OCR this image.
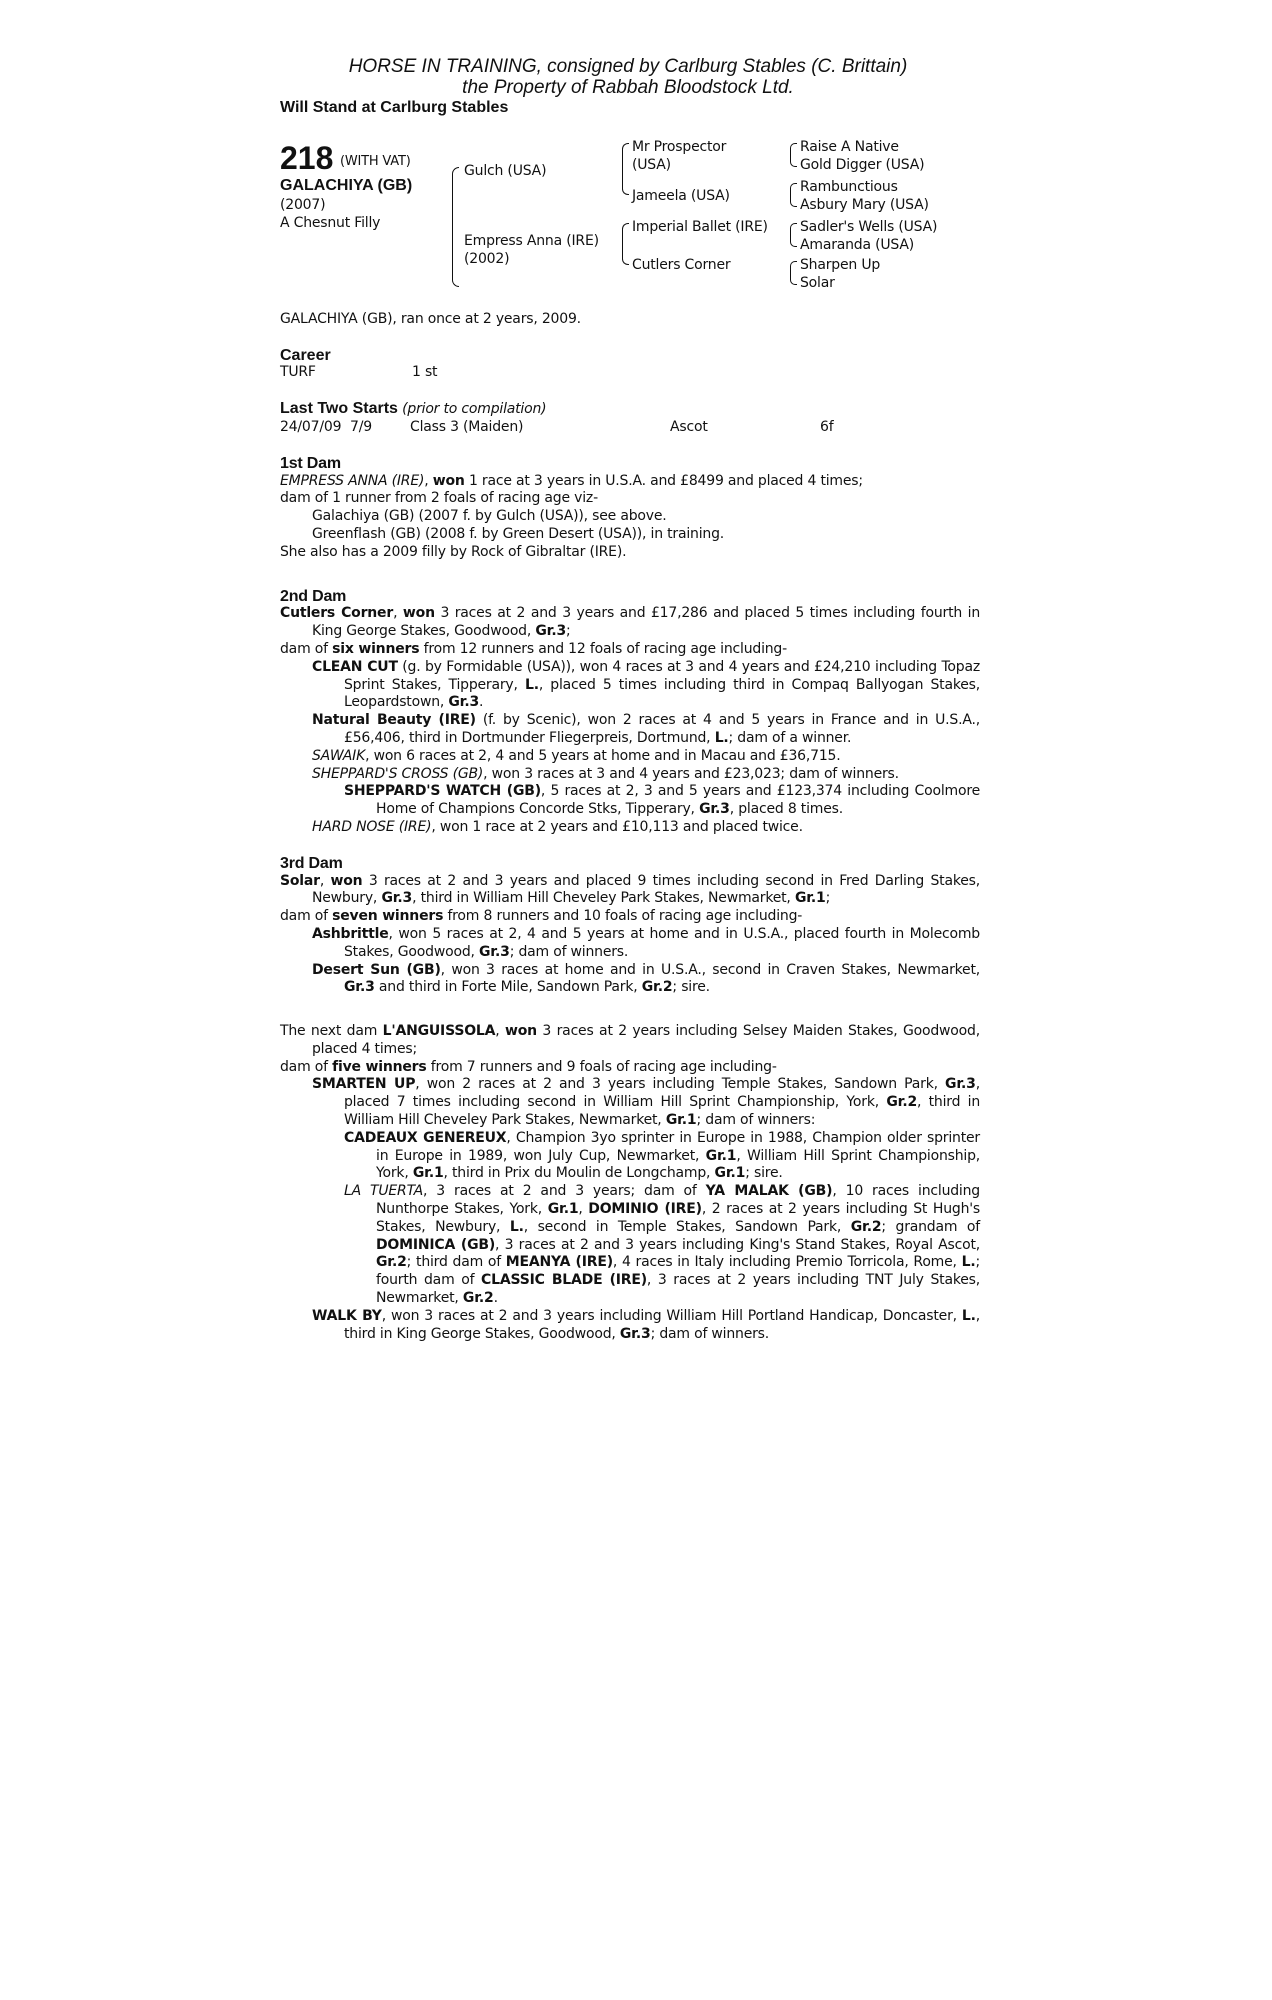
HORSE IN TRAINING, consigned by Carlburg Stables (C. Brittain)
the Property of Rabbah Bloodstock Ltd.
Will Stand at Carlburg Stables
218 (WITH VAT)
GALACHIYA (GB)
(2007)
A Chesnut Filly
Gulch (USA)
Empress Anna (IRE)
(2002)
Mr Prospector
(USA)
Jameela (USA)
Imperial Ballet (IRE)
Cutlers Corner
Raise A Native
Gold Digger (USA)
Rambunctious
Asbury Mary (USA)
Sadler's Wells (USA)
Amaranda (USA)
Sharpen Up
Solar
GALACHIYA (GB), ran once at 2 years, 2009.
Career
TURF	1 st
Last Two Starts (prior to compilation)
24/07/09 7/9	Class 3 (Maiden)	Ascot	6f
1st Dam
EMPRESS ANNA (IRE), won 1 race at 3 years in U.S.A. and £8499 and placed 4 times;
dam of 1 runner from 2 foals of racing age viz-
Galachiya (GB) (2007 f. by Gulch (USA)), see above.
Greenflash (GB) (2008 f. by Green Desert (USA)), in training.
She also has a 2009 filly by Rock of Gibraltar (IRE).
2nd Dam
Cutlers Corner, won 3 races at 2 and 3 years and £17,286 and placed 5 times including fourth in King George Stakes, Goodwood, Gr.3;
dam of six winners from 12 runners and 12 foals of racing age including-
CLEAN CUT (g. by Formidable (USA)), won 4 races at 3 and 4 years and £24,210 including Topaz Sprint Stakes, Tipperary, L., placed 5 times including third in Compaq Ballyogan Stakes, Leopardstown, Gr.3.
Natural Beauty (IRE) (f. by Scenic), won 2 races at 4 and 5 years in France and in U.S.A., £56,406, third in Dortmunder Fliegerpreis, Dortmund, L.; dam of a winner.
SAWAIK, won 6 races at 2, 4 and 5 years at home and in Macau and £36,715.
SHEPPARD'S CROSS (GB), won 3 races at 3 and 4 years and £23,023; dam of winners.
SHEPPARD'S WATCH (GB), 5 races at 2, 3 and 5 years and £123,374 including Coolmore Home of Champions Concorde Stks, Tipperary, Gr.3, placed 8 times.
HARD NOSE (IRE), won 1 race at 2 years and £10,113 and placed twice.
3rd Dam
Solar, won 3 races at 2 and 3 years and placed 9 times including second in Fred Darling Stakes, Newbury, Gr.3, third in William Hill Cheveley Park Stakes, Newmarket, Gr.1;
dam of seven winners from 8 runners and 10 foals of racing age including-
Ashbrittle, won 5 races at 2, 4 and 5 years at home and in U.S.A., placed fourth in Molecomb Stakes, Goodwood, Gr.3; dam of winners.
Desert Sun (GB), won 3 races at home and in U.S.A., second in Craven Stakes, Newmarket, Gr.3 and third in Forte Mile, Sandown Park, Gr.2; sire.
The next dam L'ANGUISSOLA, won 3 races at 2 years including Selsey Maiden Stakes, Goodwood, placed 4 times;
dam of five winners from 7 runners and 9 foals of racing age including-
SMARTEN UP, won 2 races at 2 and 3 years including Temple Stakes, Sandown Park, Gr.3, placed 7 times including second in William Hill Sprint Championship, York, Gr.2, third in William Hill Cheveley Park Stakes, Newmarket, Gr.1; dam of winners:
CADEAUX GENEREUX, Champion 3yo sprinter in Europe in 1988, Champion older sprinter in Europe in 1989, won July Cup, Newmarket, Gr.1, William Hill Sprint Championship, York, Gr.1, third in Prix du Moulin de Longchamp, Gr.1; sire.
LA TUERTA, 3 races at 2 and 3 years; dam of YA MALAK (GB), 10 races including Nunthorpe Stakes, York, Gr.1, DOMINIO (IRE), 2 races at 2 years including St Hugh's Stakes, Newbury, L., second in Temple Stakes, Sandown Park, Gr.2; grandam of DOMINICA (GB), 3 races at 2 and 3 years including King's Stand Stakes, Royal Ascot, Gr.2; third dam of MEANYA (IRE), 4 races in Italy including Premio Torricola, Rome, L.; fourth dam of CLASSIC BLADE (IRE), 3 races at 2 years including TNT July Stakes, Newmarket, Gr.2.
WALK BY, won 3 races at 2 and 3 years including William Hill Portland Handicap, Doncaster, L., third in King George Stakes, Goodwood, Gr.3; dam of winners.
